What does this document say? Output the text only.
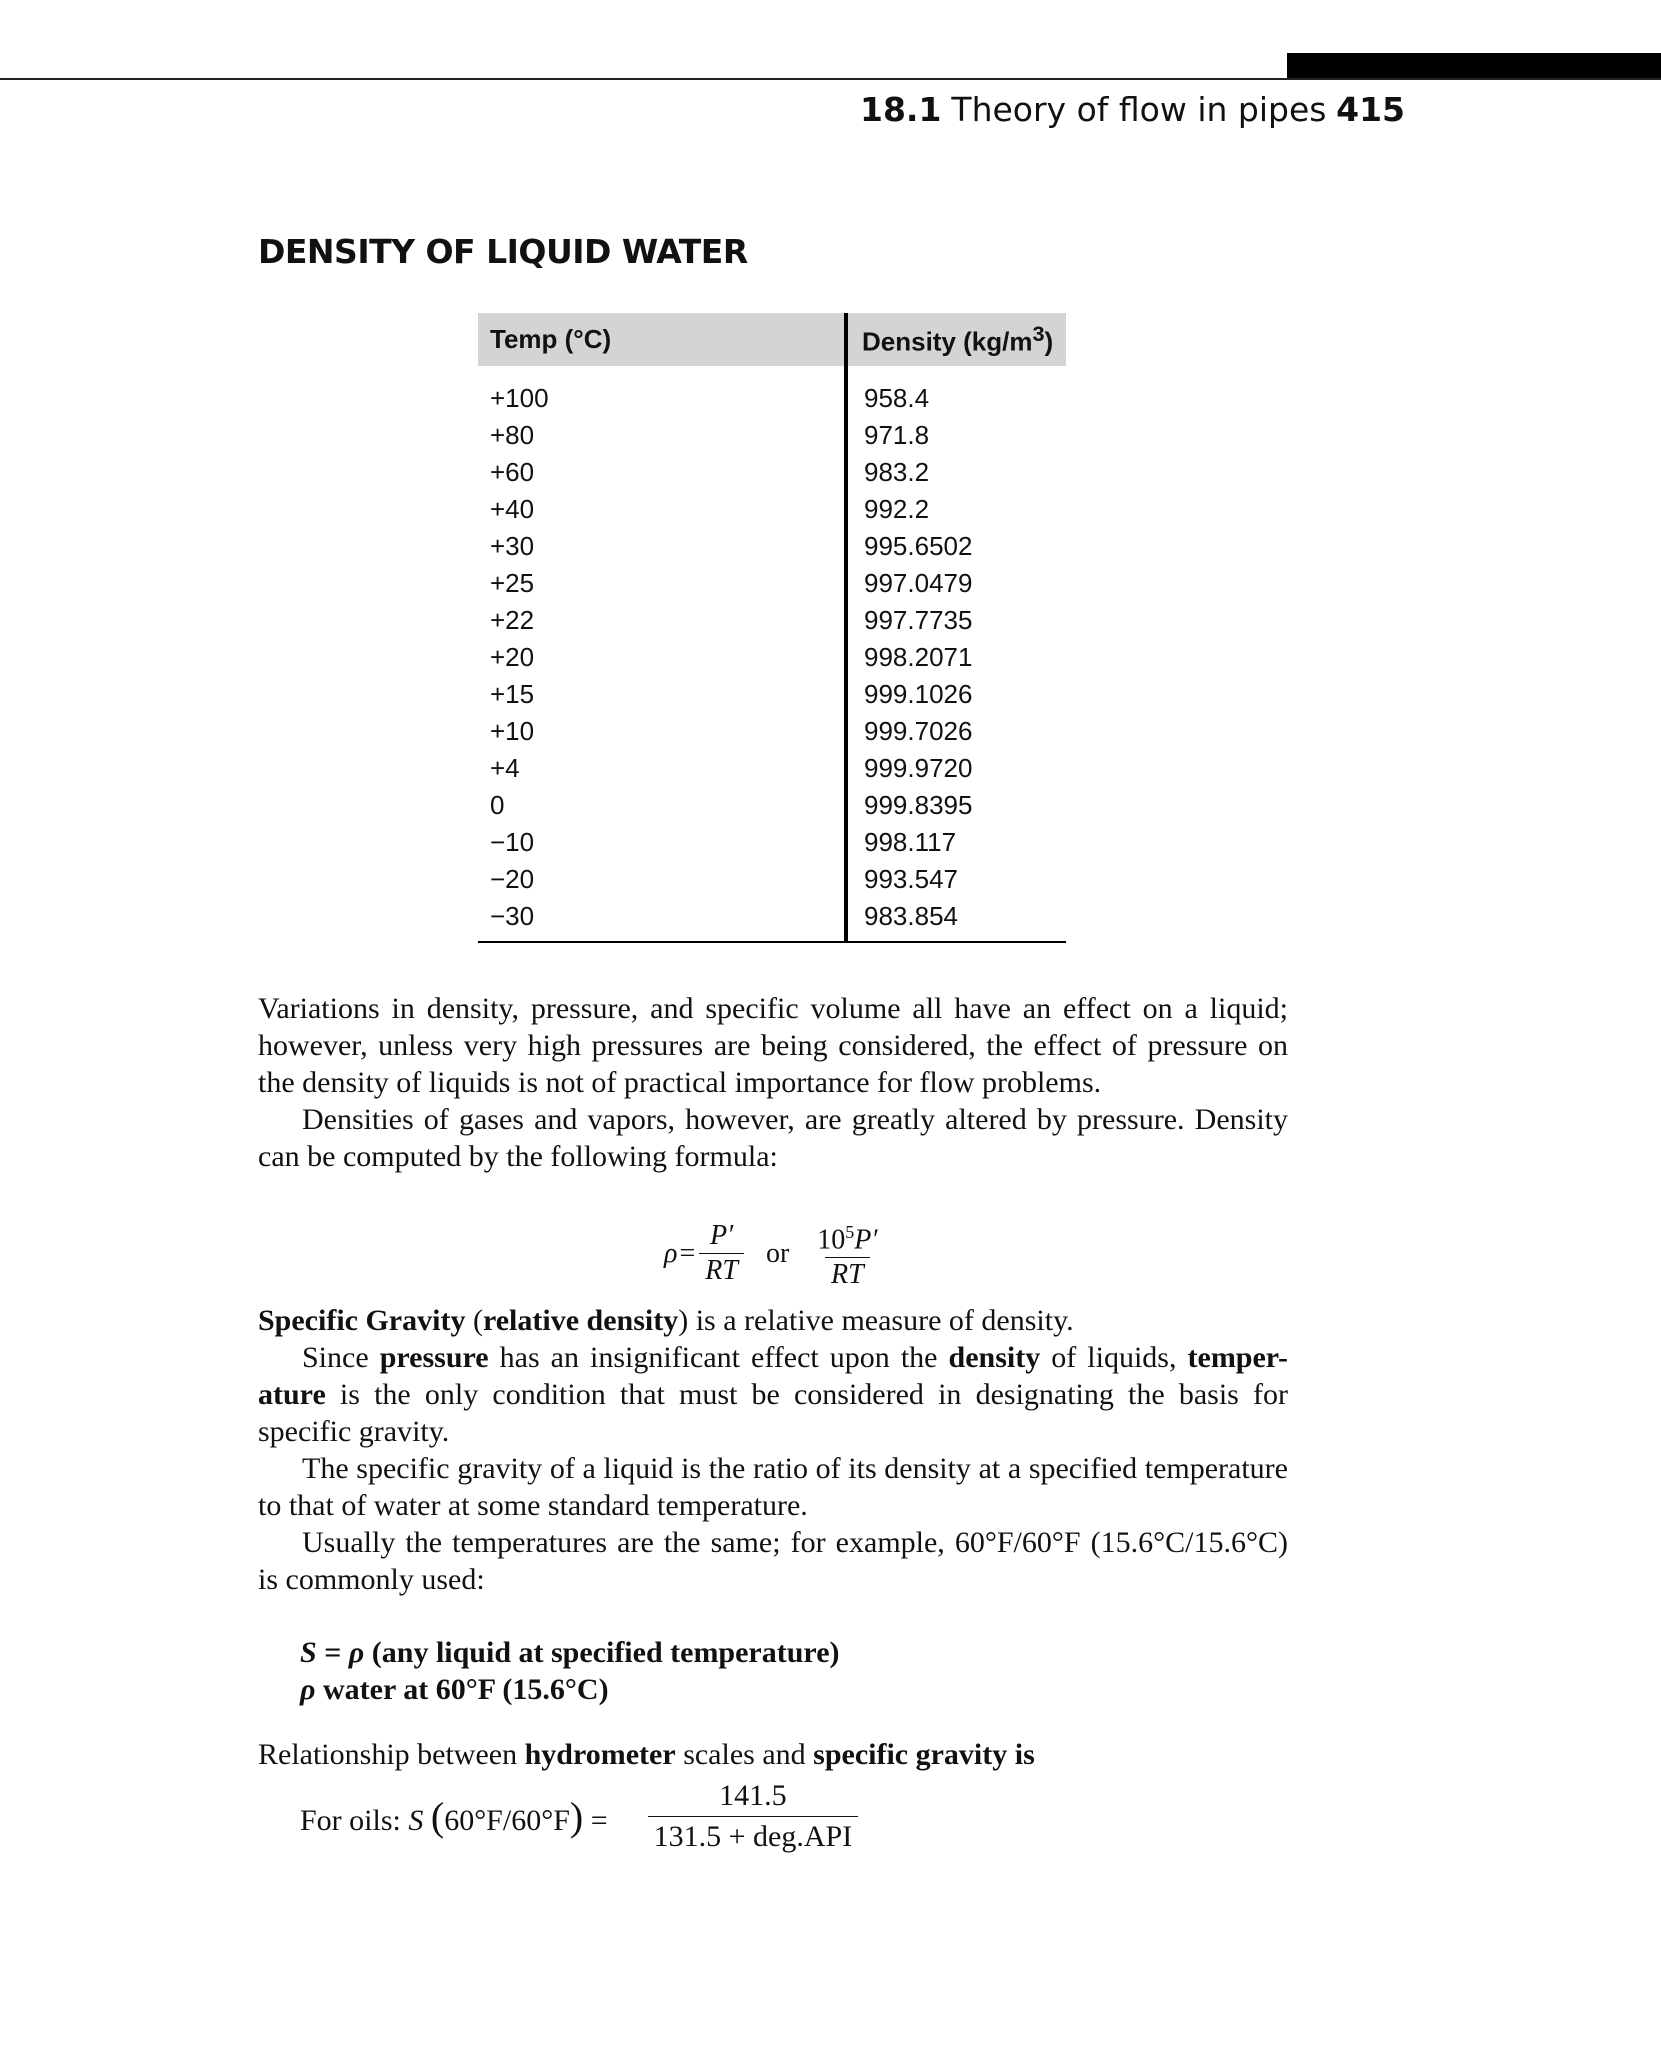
18.1 Theory of flow in pipes 415
DENSITY OF LIQUID WATER
Temp (°C)	Density $(kg/m^3)$

+100	958.4
+80	971.8
+60	983.2
+40	992.2
+30	995.6502
+25	997.0479
+22	997.7735
+20	998.2071
+15	999.1026
+10	999.7026
+4	999.9720
0	999.8395
−10	998.117
−20	993.547
−30	983.854

Variations in density, pressure, and specific volume all have an effect on a liquid; however, unless very high pressures are being considered, the effect of pressure on the density of liquids is not of practical importance for flow problems.

Densities of gases and vapors, however, are greatly altered by pressure. Density can be computed by the following formula:

$\rho = \frac{P'}{RT}$ or $\frac{10^5P'}{RT}$

Specific Gravity (relative density) is a relative measure of density.

Since pressure has an insignificant effect upon the density of liquids, temper-ature is the only condition that must be considered in designating the basis for specific gravity.

The specific gravity of a liquid is the ratio of its density at a specified temperature to that of water at some standard temperature.

Usually the temperatures are the same; for example, 60°F/60°F (15.6°C/15.6°C) is commonly used:

S = ρ (any liquid at specified temperature)
ρ water at 60°F (15.6°C)
Relationship between hydrometer scales and specific gravity is
For oils: S $(60^\circ F/60^\circ F) = \frac{141.5}{\text{131.5 + deg.API}}$
